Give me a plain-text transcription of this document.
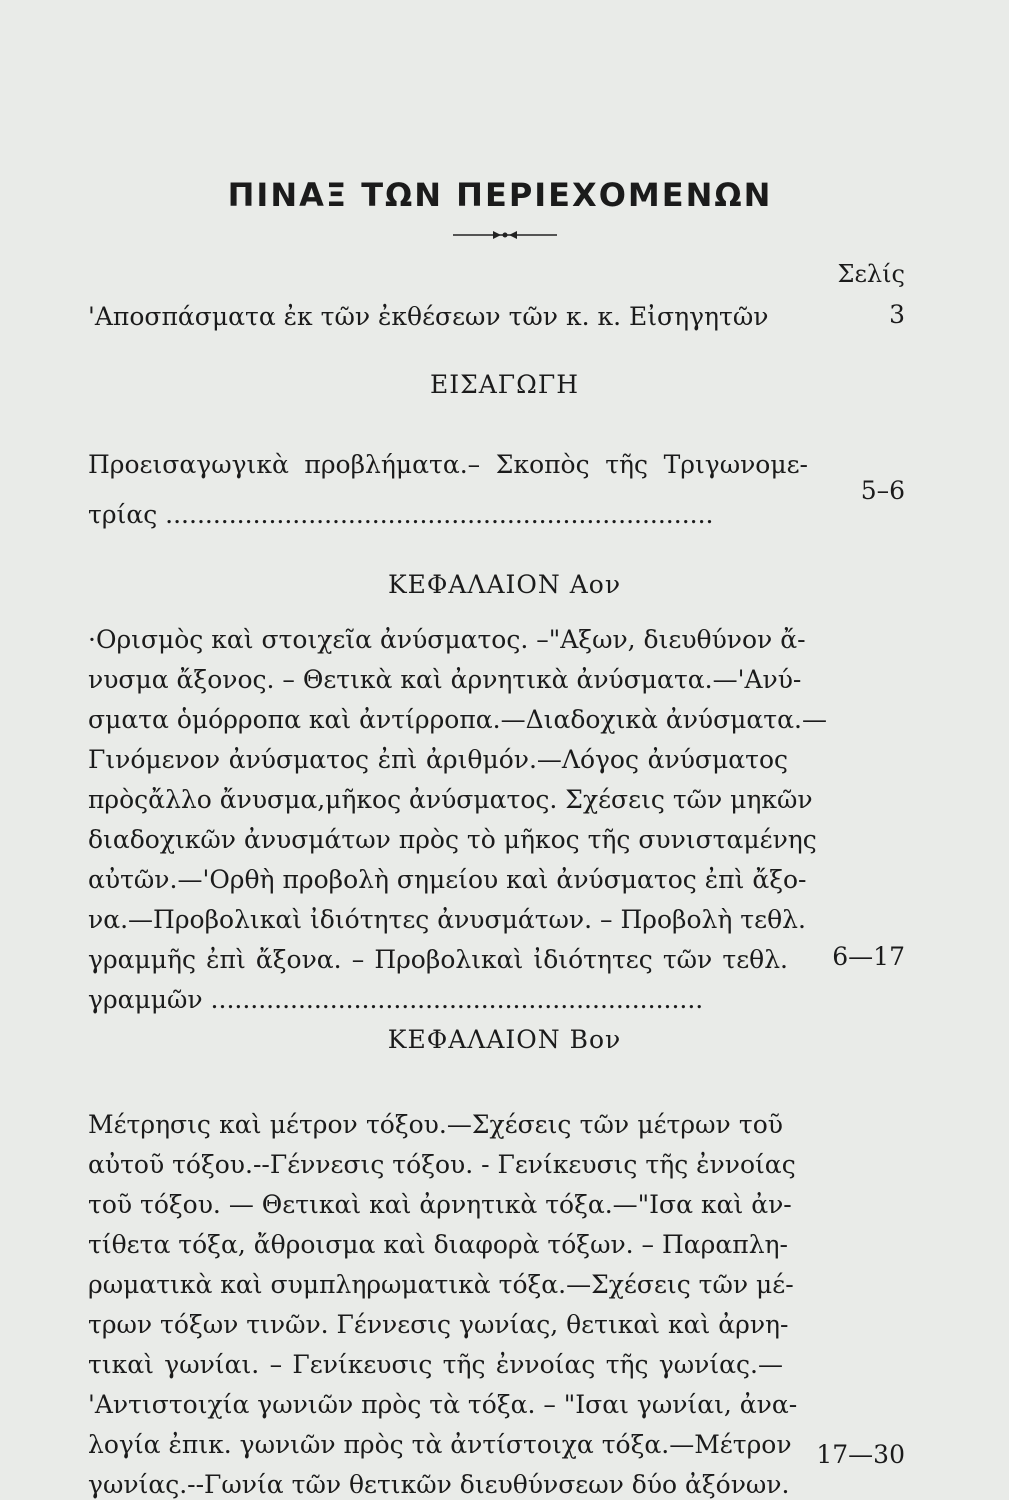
ΠΙΝΑΞ ΤΩΝ ΠΕΡΙΕΧΟΜΕΝΩΝ
Σελίς
'Αποσπάσματα ἐκ τῶν ἐκθέσεων τῶν κ. κ. Εἰσηγητῶν	3
ΕΙΣΑΓΩΓΗ
Προεισαγωγικὰ προβλήματα.– Σκοπὸς τῆς Τριγωνομε-
τρίας .....................................................................
5–6
ΚΕΦΑΛΑΙΟΝ Αον
·Ορισμὸς καὶ στοιχεῖα ἀνύσματος. –"Αξων, διευθύνον ἄ-
νυσμα ἄξονος. – Θετικὰ καὶ ἀρνητικὰ ἀνύσματα.—'Ανύ-
σματα ὁμόρροπα καὶ ἀντίρροπα.—Διαδοχικὰ ἀνύσματα.—
Γινόμενον ἀνύσματος ἐπὶ ἀριθμόν.—Λόγος ἀνύσματος
πρὸςἄλλο ἄνυσμα,μῆκος ἀνύσματος. Σχέσεις τῶν μηκῶν
διαδοχικῶν ἀνυσμάτων πρὸς τὸ μῆκος τῆς συνισταμένης
αὐτῶν.—'Ορθὴ προβολὴ σημείου καὶ ἀνύσματος ἐπὶ ἄξο-
να.—Προβολικαὶ ἰδιότητες ἀνυσμάτων. – Προβολὴ τεθλ.
γραμμῆς ἐπὶ ἄξονα. – Προβολικαὶ ἰδιότητες τῶν τεθλ.
γραμμῶν ..............................................................
6—17
ΚΕΦΑΛΑΙΟΝ Βον
Μέτρησις καὶ μέτρον τόξου.—Σχέσεις τῶν μέτρων τοῦ
αὐτοῦ τόξου.--Γέννεσις τόξου. - Γενίκευσις τῆς ἐννοίας
τοῦ τόξου. — Θετικαὶ καὶ ἀρνητικὰ τόξα.—"Ισα καὶ ἀν-
τίθετα τόξα, ἄθροισμα καὶ διαφορὰ τόξων. – Παραπλη-
ρωματικὰ καὶ συμπληρωματικὰ τόξα.—Σχέσεις τῶν μέ-
τρων τόξων τινῶν. Γέννεσις γωνίας, θετικαὶ καὶ ἀρνη-
τικαὶ γωνίαι. – Γενίκευσις τῆς ἐννοίας τῆς γωνίας.—
'Αντιστοιχία γωνιῶν πρὸς τὰ τόξα. – "Ισαι γωνίαι, ἀνα-
λογία ἐπικ. γωνιῶν πρὸς τὰ ἀντίστοιχα τόξα.—Μέτρον
γωνίας.--Γωνία τῶν θετικῶν διευθύνσεων δύο ἀξόνων.
17—30
